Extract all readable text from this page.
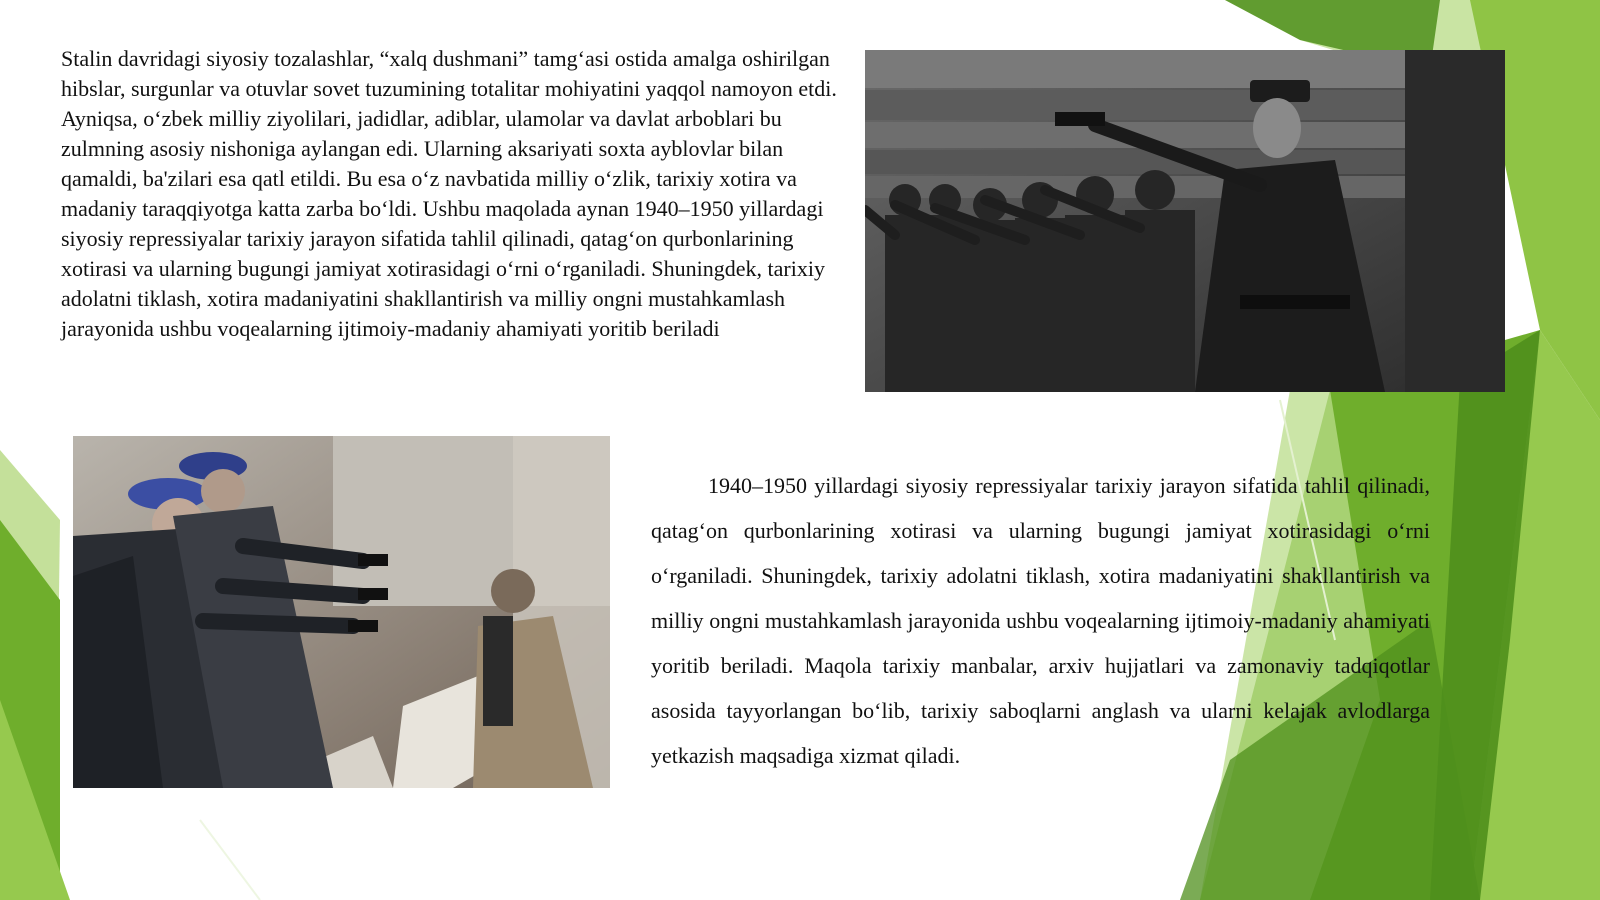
Stalin davridagi siyosiy tozalashlar, “xalq dushmani” tamg‘asi ostida amalga oshirilgan hibslar, surgunlar va otuvlar sovet tuzumining totalitar mohiyatini yaqqol namoyon etdi. Ayniqsa, o‘zbek milliy ziyolilari, jadidlar, adiblar, ulamolar va davlat arboblari bu zulmning asosiy nishoniga aylangan edi. Ularning aksariyati soxta ayblovlar bilan qamaldi, ba'zilari esa qatl etildi. Bu esa o‘z navbatida milliy o‘zlik, tarixiy xotira va madaniy taraqqiyotga katta zarba bo‘ldi. Ushbu maqolada aynan 1940–1950 yillardagi siyosiy repressiyalar tarixiy jarayon sifatida tahlil qilinadi, qatag‘on qurbonlarining xotirasi va ularning bugungi jamiyat xotirasidagi o‘rni o‘rganiladi. Shuningdek, tarixiy adolatni tiklash, xotira madaniyatini shakllantirish va milliy ongni mustahkamlash jarayonida ushbu voqealarning ijtimoiy-madaniy ahamiyati yoritib beriladi

1940–1950 yillardagi siyosiy repressiyalar tarixiy jarayon sifatida tahlil qilinadi, qatag‘on qurbonlarining xotirasi va ularning bugungi jamiyat xotirasidagi o‘rni o‘rganiladi. Shuningdek, tarixiy adolatni tiklash, xotira madaniyatini shakllantirish va milliy ongni mustahkamlash jarayonida ushbu voqealarning ijtimoiy-madaniy ahamiyati yoritib beriladi. Maqola tarixiy manbalar, arxiv hujjatlari va zamonaviy tadqiqotlar asosida tayyorlangan bo‘lib, tarixiy saboqlarni anglash va ularni kelajak avlodlarga yetkazish maqsadiga xizmat qiladi.
